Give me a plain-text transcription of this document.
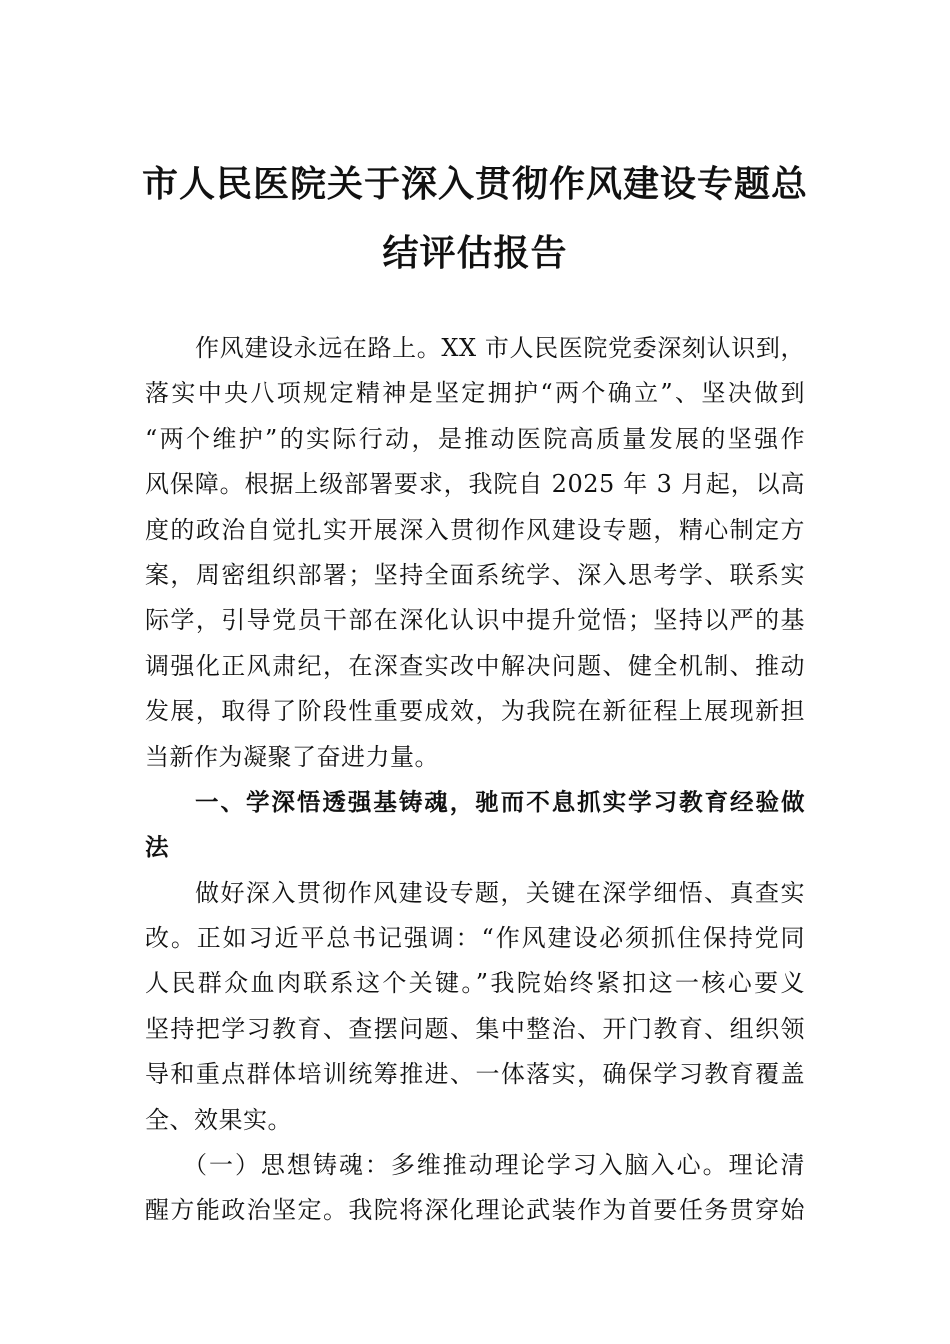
市人民医院关于深入贯彻作风建设专题总
结评估报告
作风建设永远在路上。XX 市人民医院党委深刻认识到，
落实中央八项规定精神是坚定拥护“两个确立”、坚决做到
“两个维护”的实际行动，是推动医院高质量发展的坚强作
风保障。根据上级部署要求，我院自 2025 年 3 月起，以高
度的政治自觉扎实开展深入贯彻作风建设专题，精心制定方
案，周密组织部署；坚持全面系统学、深入思考学、联系实
际学，引导党员干部在深化认识中提升觉悟；坚持以严的基
调强化正风肃纪，在深查实改中解决问题、健全机制、推动
发展，取得了阶段性重要成效，为我院在新征程上展现新担
当新作为凝聚了奋进力量。
一、学深悟透强基铸魂，驰而不息抓实学习教育经验做
法
做好深入贯彻作风建设专题，关键在深学细悟、真查实
改。正如习近平总书记强调：“作风建设必须抓住保持党同
人民群众血肉联系这个关键。”我院始终紧扣这一核心要义
坚持把学习教育、查摆问题、集中整治、开门教育、组织领
导和重点群体培训统筹推进、一体落实，确保学习教育覆盖
全、效果实。
（一）思想铸魂：多维推动理论学习入脑入心。理论清
醒方能政治坚定。我院将深化理论武装作为首要任务贯穿始
